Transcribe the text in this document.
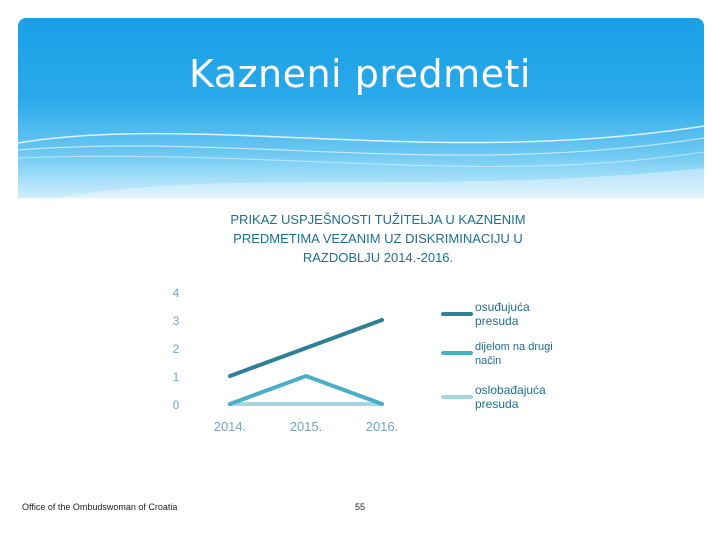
Kazneni predmeti
PRIKAZ USPJEŠNOSTI TUŽITELJA U KAZNENIM
PREDMETIMA VEZANIM UZ DISKRIMINACIJU U
RAZDOBLJU 2014.-2016.
0
1
2
3
4
2014.	2015.	2016.
osuđujuća
presuda
dijelom na drugi
način
oslobađajuća
presuda
Office of the Ombudswoman of Croatia	55
